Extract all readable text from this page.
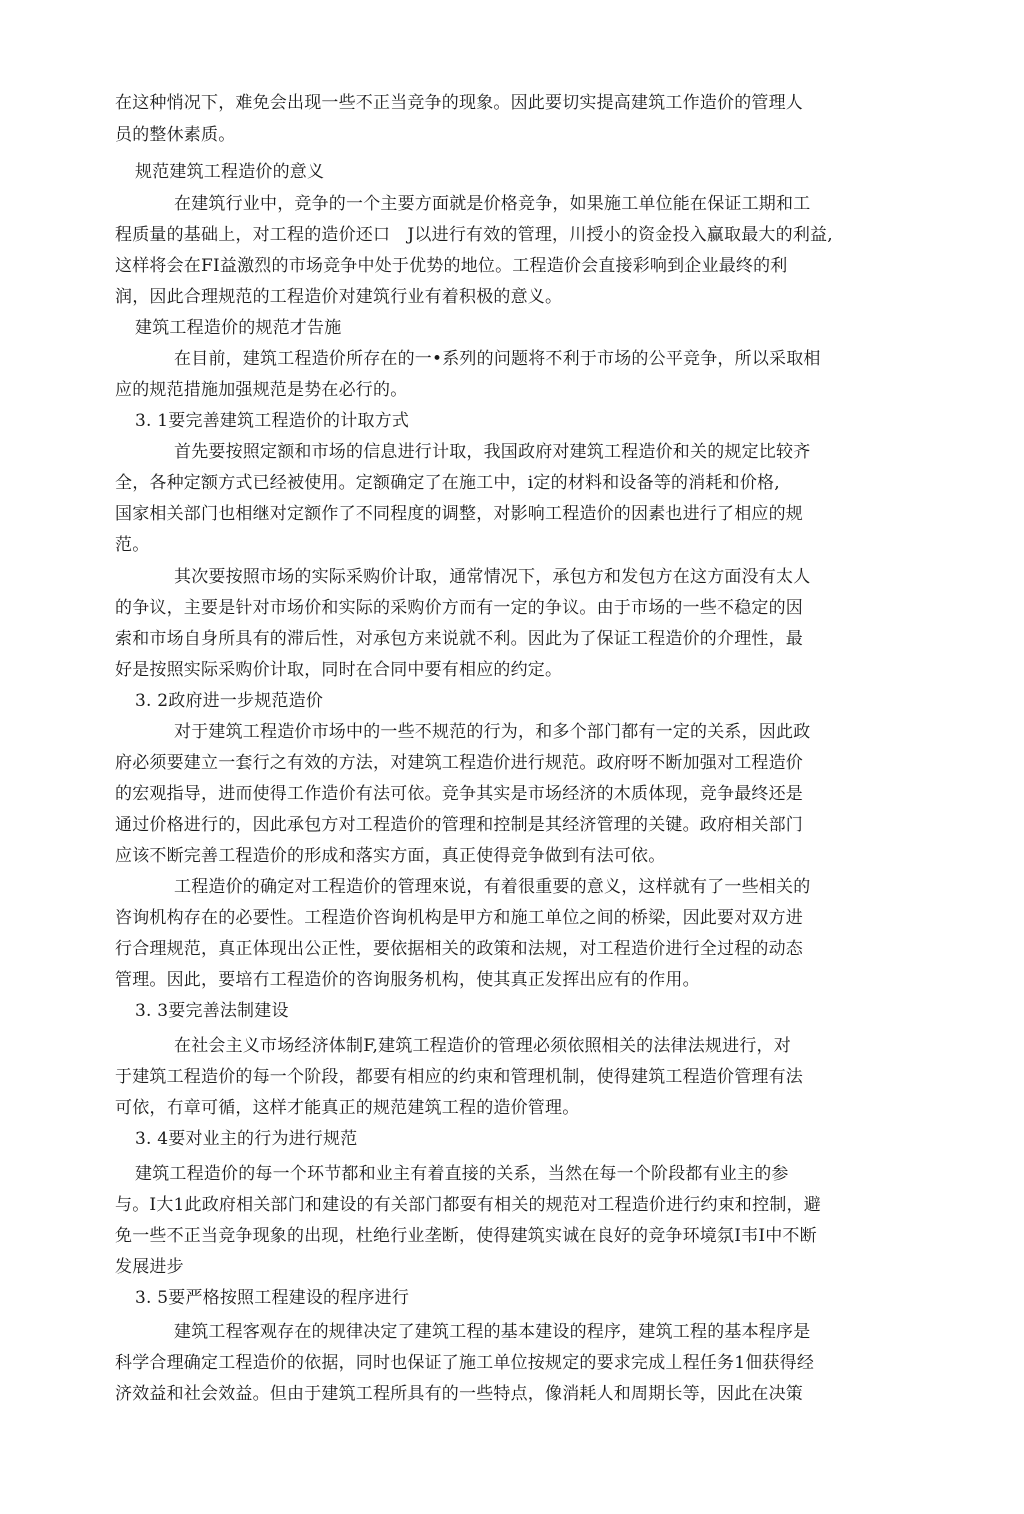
在这种悄况下，难免会出现一些不正当竞争的现象。因此要切实提高建筑工作造价的管理人
员的整休素质。
规范建筑工程造价的意义
在建筑行业中，竞争的一个主要方面就是价格竞争，如果施工单位能在保证工期和工
程质量的基础上，对工程的造价还口　J以进行有效的管理，川授小的资金投入赢取最大的利益,
这样将会在FI益激烈的市场竞争中处于优势的地位。工程造价会直接彩响到企业最终的利
润，因此合理规范的工程造价对建筑行业有着积极的意义。
建筑工程造价的规范才告施
在目前，建筑工程造价所存在的一•系列的问题将不利于市场的公平竞争，所以采取相
应的规范措施加强规范是势在必行的。
3. 1要完善建筑工程造价的计取方式
首先要按照定额和市场的信息进行计取，我国政府对建筑工程造价和关的规定比较齐
全，各种定额方式已经被使用。定额确定了在施工中，i定的材料和设备等的消耗和价格,
国家相关部门也相继对定额作了不同程度的调整，对影响工程造价的因素也进行了相应的规
范。
其次要按照市场的实际采购价计取，通常情况下，承包方和发包方在这方面没有太人
的争议，主要是针对市场价和实际的采购价方而有一定的争议。由于市场的一些不稳定的因
索和市场自身所具有的滞后性，对承包方来说就不利。因此为了保证工程造价的介理性，最
好是按照实际采购价计取，同时在合同中要有相应的约定。
3. 2政府进一步规范造价
对于建筑工程造价市场中的一些不规范的行为，和多个部门都有一定的关系，因此政
府必须要建立一套行之有效的方法，对建筑工程造价进行规范。政府呀不断加强对工程造价
的宏观指导，进而使得工作造价有法可依。竞争其实是市场经济的木质体现，竞争最终还是
通过价格进行的，因此承包方对工程造价的管理和控制是其经济管理的关键。政府相关部门
应该不断完善工程造价的形成和落实方面，真正使得竞争做到有法可依。
工程造价的确定对工程造价的管理來说，有着很重要的意义，这样就有了一些相关的
咨询机构存在的必要性。工程造价咨询机构是甲方和施工单位之间的桥梁，因此要对双方进
行合理规范，真正体现出公正性，要依据相关的政策和法规，对工程造价进行全过程的动态
管理。因此，要培冇工程造价的咨询服务机构，使其真正发挥出应有的作用。
3. 3要完善法制建设
在社会主义市场经济体制F,建筑工程造价的管理必须依照相关的法律法规进行，对
于建筑工程造价的每一个阶段，都要有相应的约束和管理机制，使得建筑工程造价管理有法
可依，冇章可循，这样才能真正的规范建筑工程的造价管理。
3. 4要对业主的行为进行规范
建筑工程造价的每一个环节都和业主有着直接的关系，当然在每一个阶段都有业主的参
与。I大1此政府相关部门和建设的有关部门都耍有相关的规范对工程造价进行约束和控制，避
免一些不正当竞争现象的出现，杜绝行业垄断，使得建筑实诚在良好的竞争环境氛I韦I中不断
发展进步
3. 5要严格按照工程建设的程序进行
建筑工程客观存在的规律决定了建筑工程的基本建设的程序，建筑工程的基本程序是
科学合理确定工程造价的依据，同时也保证了施工单位按规定的要求完成丄程任务1佃获得经
济效益和社会效益。但由于建筑工程所具有的一些特点，像消耗人和周期长等，因此在决策
